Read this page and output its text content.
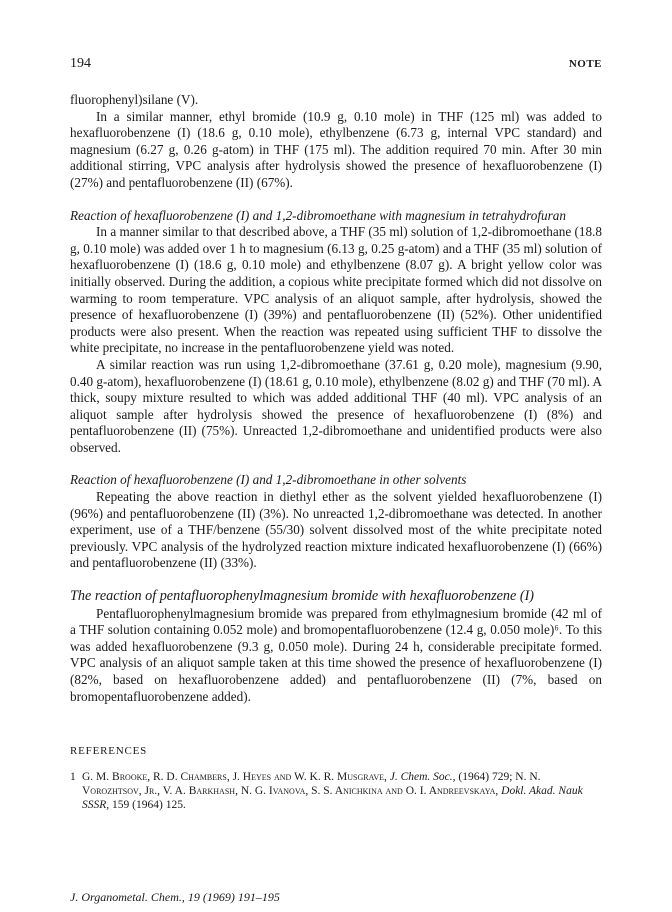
194	NOTE

fluorophenyl)silane (V).

In a similar manner, ethyl bromide (10.9 g, 0.10 mole) in THF (125 ml) was added to hexafluorobenzene (I) (18.6 g, 0.10 mole), ethylbenzene (6.73 g, internal VPC standard) and magnesium (6.27 g, 0.26 g-atom) in THF (175 ml). The addition required 70 min. After 30 min additional stirring, VPC analysis after hydrolysis showed the presence of hexafluorobenzene (I) (27%) and pentafluorobenzene (II) (67%).

Reaction of hexafluorobenzene (I) and 1,2-dibromoethane with magnesium in tetrahydrofuran

In a manner similar to that described above, a THF (35 ml) solution of 1,2-dibromoethane (18.8 g, 0.10 mole) was added over 1 h to magnesium (6.13 g, 0.25 g-atom) and a THF (35 ml) solution of hexafluorobenzene (I) (18.6 g, 0.10 mole) and ethylbenzene (8.07 g). A bright yellow color was initially observed. During the addition, a copious white precipitate formed which did not dissolve on warming to room temperature. VPC analysis of an aliquot sample, after hydrolysis, showed the presence of hexafluorobenzene (I) (39%) and pentafluorobenzene (II) (52%). Other unidentified products were also present. When the reaction was repeated using sufficient THF to dissolve the white precipitate, no increase in the pentafluorobenzene yield was noted.

A similar reaction was run using 1,2-dibromoethane (37.61 g, 0.20 mole), magnesium (9.90, 0.40 g-atom), hexafluorobenzene (I) (18.61 g, 0.10 mole), ethylbenzene (8.02 g) and THF (70 ml). A thick, soupy mixture resulted to which was added additional THF (40 ml). VPC analysis of an aliquot sample after hydrolysis showed the presence of hexafluorobenzene (I) (8%) and pentafluorobenzene (II) (75%). Unreacted 1,2-dibromoethane and unidentified products were also observed.

Reaction of hexafluorobenzene (I) and 1,2-dibromoethane in other solvents

Repeating the above reaction in diethyl ether as the solvent yielded hexafluorobenzene (I) (96%) and pentafluorobenzene (II) (3%). No unreacted 1,2-dibromoethane was detected. In another experiment, use of a THF/benzene (55/30) solvent dissolved most of the white precipitate noted previously. VPC analysis of the hydrolyzed reaction mixture indicated hexafluorobenzene (I) (66%) and pentafluorobenzene (II) (33%).

The reaction of pentafluorophenylmagnesium bromide with hexafluorobenzene (I)

Pentafluorophenylmagnesium bromide was prepared from ethylmagnesium bromide (42 ml of a THF solution containing 0.052 mole) and bromopentafluorobenzene (12.4 g, 0.050 mole)⁶. To this was added hexafluorobenzene (9.3 g, 0.050 mole). During 24 h, considerable precipitate formed. VPC analysis of an aliquot sample taken at this time showed the presence of hexafluorobenzene (I) (82%, based on hexafluorobenzene added) and pentafluorobenzene (II) (7%, based on bromopentafluorobenzene added).

REFERENCES

1 G. M. Brooke, R. D. Chambers, J. Heyes and W. K. R. Musgrave, J. Chem. Soc., (1964) 729; N. N. Vorozhtsov, Jr., V. A. Barkhash, N. G. Ivanova, S. S. Anichkina and O. I. Andreevskaya, Dokl. Akad. Nauk SSSR, 159 (1964) 125.
J. Organometal. Chem., 19 (1969) 191–195
